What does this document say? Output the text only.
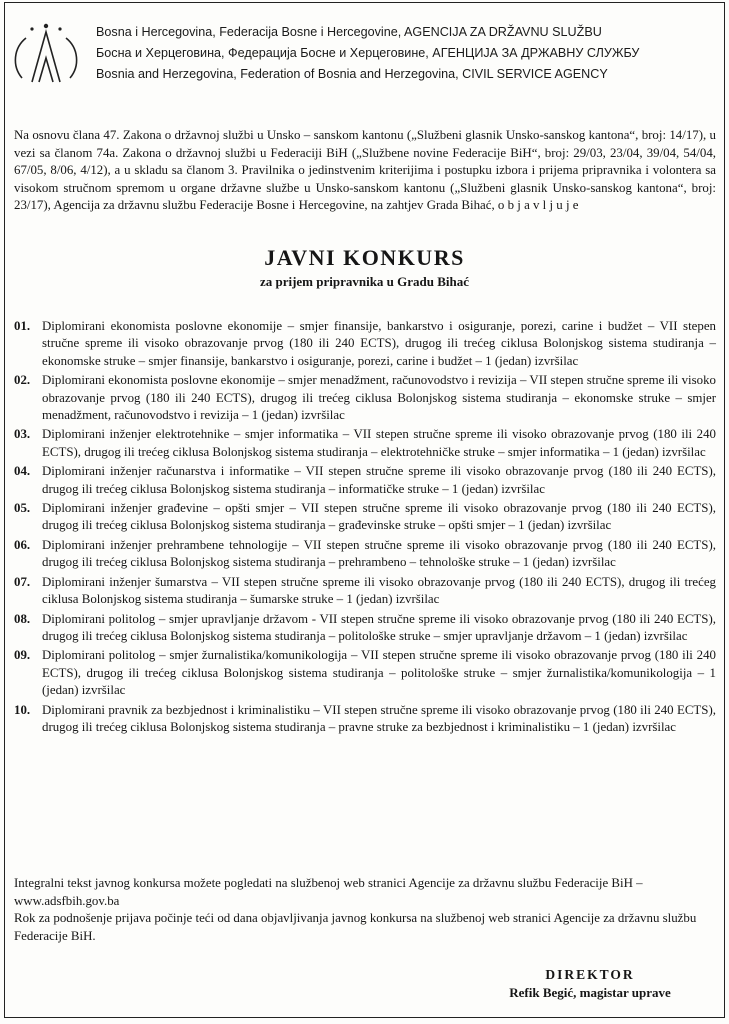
Bosna i Hercegovina, Federacija Bosne i Hercegovine, AGENCIJA ZA DRŽAVNU SLUŽBU
Босна и Херцеговина, Федерација Босне и Херцеговине, АГЕНЦИЈА ЗА ДРЖАВНУ СЛУЖБУ
Bosnia and Herzegovina, Federation of Bosnia and Herzegovina, CIVIL SERVICE AGENCY
Na osnovu člana 47. Zakona o državnoj službi u Unsko – sanskom kantonu („Službeni glasnik Unsko-sanskog kantona“, broj: 14/17), u vezi sa članom 74a. Zakona o državnoj službi u Federaciji BiH („Službene novine Federacije BiH“, broj: 29/03, 23/04, 39/04, 54/04, 67/05, 8/06, 4/12), a u skladu sa članom 3. Pravilnika o jedinstvenim kriterijima i postupku izbora i prijema pripravnika i volontera sa visokom stručnom spremom u organe državne službe u Unsko-sanskom kantonu („Službeni glasnik Unsko-sanskog kantona“, broj: 23/17), Agencija za državnu službu Federacije Bosne i Hercegovine, na zahtjev Grada Bihać, o b j a v l j u j e
JAVNI KONKURS
za prijem pripravnika u Gradu Bihać
01. Diplomirani ekonomista poslovne ekonomije – smjer finansije, bankarstvo i osiguranje, porezi, carine i budžet – VII stepen stručne spreme ili visoko obrazovanje prvog (180 ili 240 ECTS), drugog ili trećeg ciklusa Bolonjskog sistema studiranja – ekonomske struke – smjer finansije, bankarstvo i osiguranje, porezi, carine i budžet – 1 (jedan) izvršilac
02. Diplomirani ekonomista poslovne ekonomije – smjer menadžment, računovodstvo i revizija – VII stepen stručne spreme ili visoko obrazovanje prvog (180 ili 240 ECTS), drugog ili trećeg ciklusa Bolonjskog sistema studiranja – ekonomske struke – smjer menadžment, računovodstvo i revizija – 1 (jedan) izvršilac
03. Diplomirani inženjer elektrotehnike – smjer informatika – VII stepen stručne spreme ili visoko obrazovanje prvog (180 ili 240 ECTS), drugog ili trećeg ciklusa Bolonjskog sistema studiranja – elektrotehničke struke – smjer informatika – 1 (jedan) izvršilac
04. Diplomirani inženjer računarstva i informatike – VII stepen stručne spreme ili visoko obrazovanje prvog (180 ili 240 ECTS), drugog ili trećeg ciklusa Bolonjskog sistema studiranja – informatičke struke – 1 (jedan) izvršilac
05. Diplomirani inženjer građevine – opšti smjer – VII stepen stručne spreme ili visoko obrazovanje prvog (180 ili 240 ECTS), drugog ili trećeg ciklusa Bolonjskog sistema studiranja – građevinske struke – opšti smjer – 1 (jedan) izvršilac
06. Diplomirani inženjer prehrambene tehnologije – VII stepen stručne spreme ili visoko obrazovanje prvog (180 ili 240 ECTS), drugog ili trećeg ciklusa Bolonjskog sistema studiranja – prehrambeno – tehnološke struke – 1 (jedan) izvršilac
07. Diplomirani inženjer šumarstva – VII stepen stručne spreme ili visoko obrazovanje prvog (180 ili 240 ECTS), drugog ili trećeg ciklusa Bolonjskog sistema studiranja – šumarske struke – 1 (jedan) izvršilac
08. Diplomirani politolog – smjer upravljanje državom - VII stepen stručne spreme ili visoko obrazovanje prvog (180 ili 240 ECTS), drugog ili trećeg ciklusa Bolonjskog sistema studiranja – politološke struke – smjer upravljanje državom – 1 (jedan) izvršilac
09. Diplomirani politolog – smjer žurnalistika/komunikologija – VII stepen stručne spreme ili visoko obrazovanje prvog (180 ili 240 ECTS), drugog ili trećeg ciklusa Bolonjskog sistema studiranja – politološke struke – smjer žurnalistika/komunikologija – 1 (jedan) izvršilac
10. Diplomirani pravnik za bezbjednost i kriminalistiku – VII stepen stručne spreme ili visoko obrazovanje prvog (180 ili 240 ECTS), drugog ili trećeg ciklusa Bolonjskog sistema studiranja – pravne struke za bezbjednost i kriminalistiku – 1 (jedan) izvršilac

Integralni tekst javnog konkursa možete pogledati na službenoj web stranici Agencije za državnu službu Federacije BiH – www.adsfbih.gov.ba

Rok za podnošenje prijava počinje teći od dana objavljivanja javnog konkursa na službenoj web stranici Agencije za državnu službu Federacije BiH.

DIREKTOR
Refik Begić, magistar uprave
